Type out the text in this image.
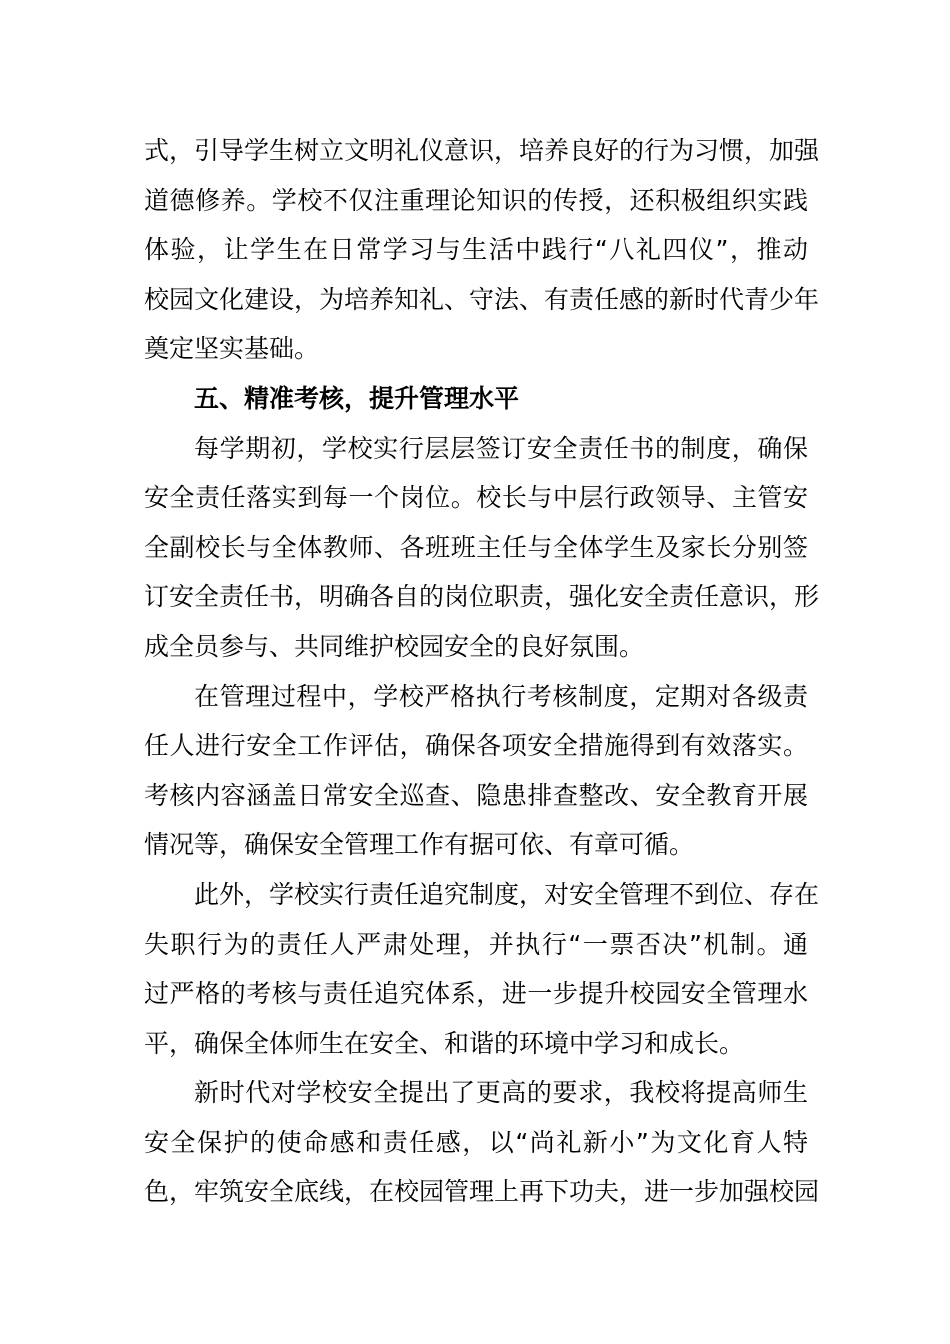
式，引导学生树立文明礼仪意识，培养良好的行为习惯，加强
道德修养。学校不仅注重理论知识的传授，还积极组织实践
体验，让学生在日常学习与生活中践行“八礼四仪”，推动
校园文化建设，为培养知礼、守法、有责任感的新时代青少年
奠定坚实基础。
五、精准考核，提升管理水平
每学期初，学校实行层层签订安全责任书的制度，确保
安全责任落实到每一个岗位。校长与中层行政领导、主管安
全副校长与全体教师、各班班主任与全体学生及家长分别签
订安全责任书，明确各自的岗位职责，强化安全责任意识，形
成全员参与、共同维护校园安全的良好氛围。
在管理过程中，学校严格执行考核制度，定期对各级责
任人进行安全工作评估，确保各项安全措施得到有效落实。
考核内容涵盖日常安全巡查、隐患排查整改、安全教育开展
情况等，确保安全管理工作有据可依、有章可循。
此外，学校实行责任追究制度，对安全管理不到位、存在
失职行为的责任人严肃处理，并执行“一票否决”机制。通
过严格的考核与责任追究体系，进一步提升校园安全管理水
平，确保全体师生在安全、和谐的环境中学习和成长。
新时代对学校安全提出了更高的要求，我校将提高师生
安全保护的使命感和责任感，以“尚礼新小”为文化育人特
色，牢筑安全底线，在校园管理上再下功夫，进一步加强校园
